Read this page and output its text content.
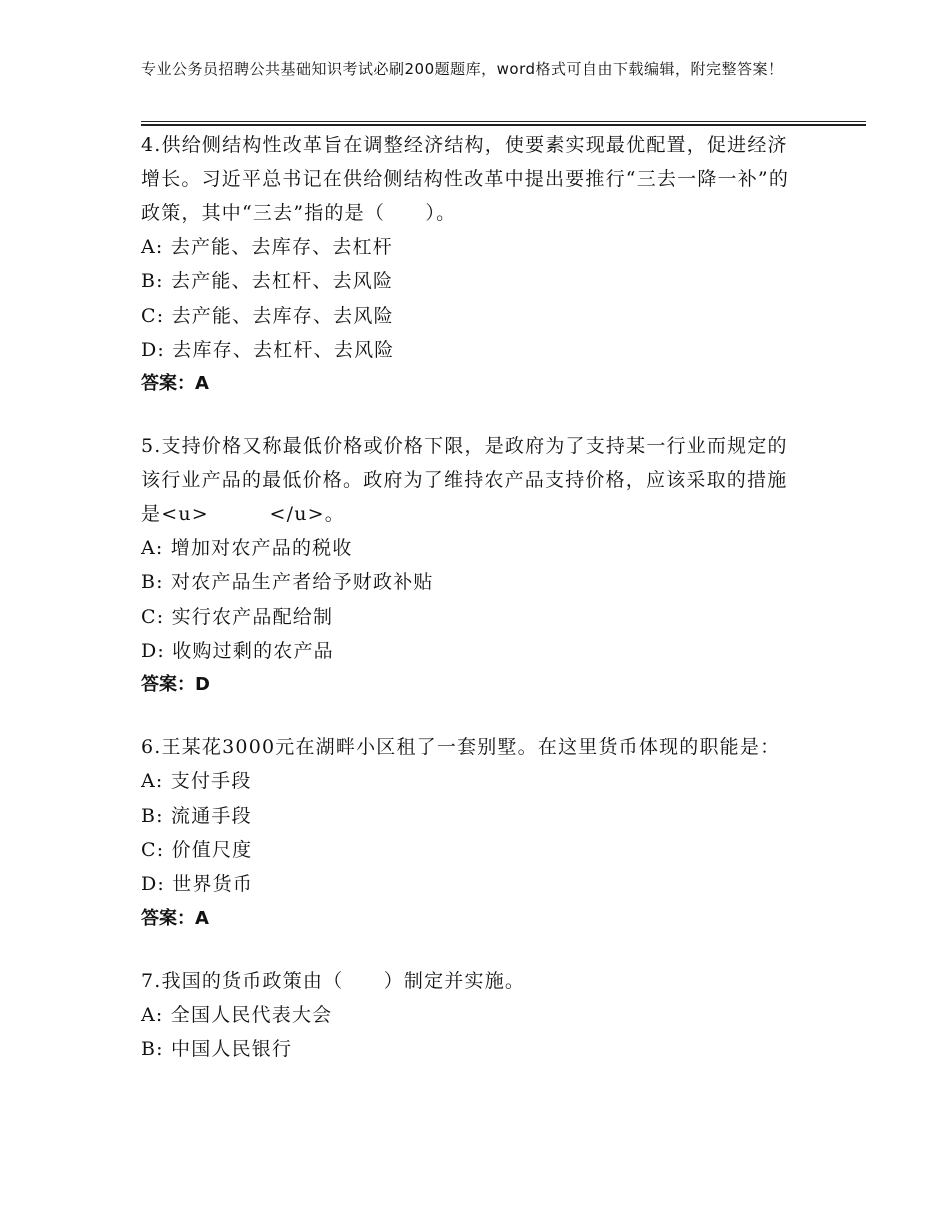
专业公务员招聘公共基础知识考试必刷200题题库，word格式可自由下载编辑，附完整答案！
4.供给侧结构性改革旨在调整经济结构，使要素实现最优配置，促进经济增长。习近平总书记在供给侧结构性改革中提出要推行“三去一降一补”的政策，其中“三去”指的是（　　）。
A: 去产能、去库存、去杠杆
B: 去产能、去杠杆、去风险
C: 去产能、去库存、去风险
D: 去库存、去杠杆、去风险
答案：A
5.支持价格又称最低价格或价格下限，是政府为了支持某一行业而规定的该行业产品的最低价格。政府为了维持农产品支持价格，应该采取的措施是<u>　　　</u>。
A: 增加对农产品的税收
B: 对农产品生产者给予财政补贴
C: 实行农产品配给制
D: 收购过剩的农产品
答案：D
6.王某花3000元在湖畔小区租了一套别墅。在这里货币体现的职能是：
A: 支付手段
B: 流通手段
C: 价值尺度
D: 世界货币
答案：A
7.我国的货币政策由（　　）制定并实施。
A: 全国人民代表大会
B: 中国人民银行
